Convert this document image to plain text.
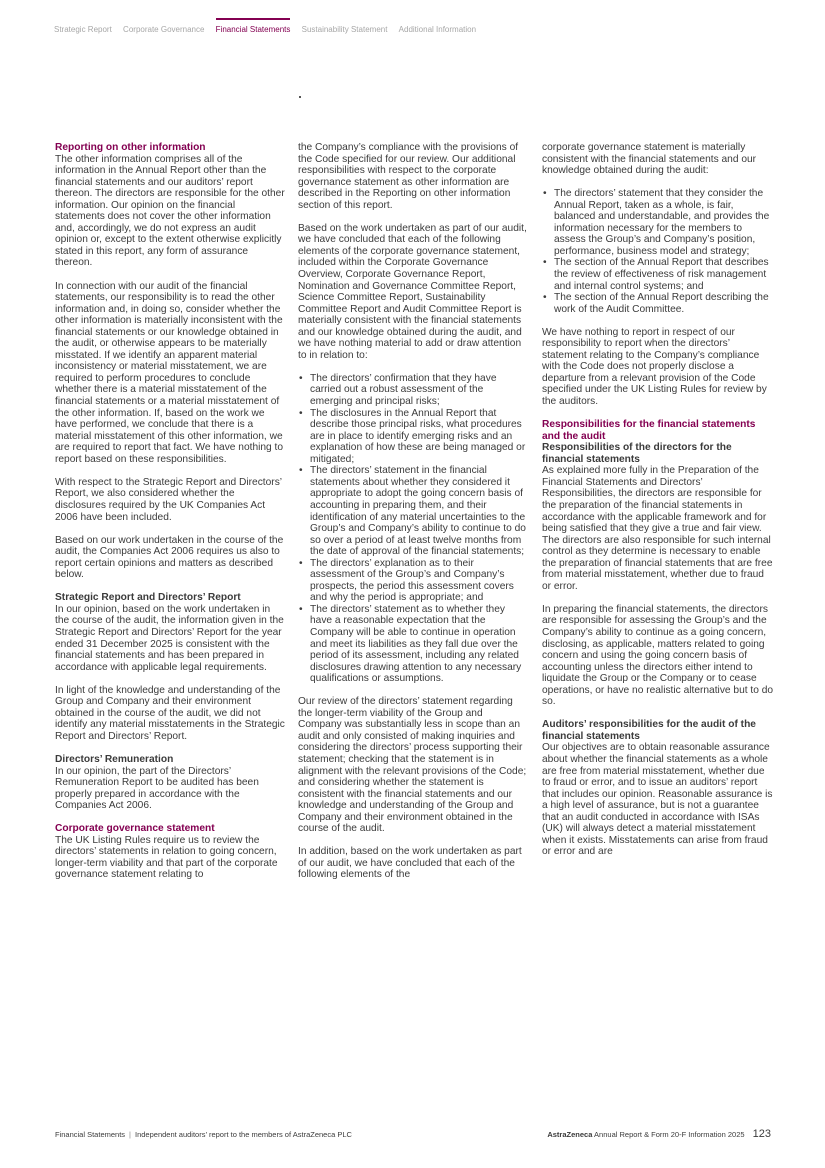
Strategic Report Corporate Governance Financial Statements Sustainability Statement Additional Information

Reporting on other information

The other information comprises all of the information in the Annual Report other than the financial statements and our auditors’ report thereon. The directors are responsible for the other information. Our opinion on the financial statements does not cover the other information and, accordingly, we do not express an audit opinion or, except to the extent otherwise explicitly stated in this report, any form of assurance thereon.

In connection with our audit of the financial statements, our responsibility is to read the other information and, in doing so, consider whether the other information is materially inconsistent with the financial statements or our knowledge obtained in the audit, or otherwise appears to be materially misstated. If we identify an apparent material inconsistency or material misstatement, we are required to perform procedures to conclude whether there is a material misstatement of the financial statements or a material misstatement of the other information. If, based on the work we have performed, we conclude that there is a material misstatement of this other information, we are required to report that fact. We have nothing to report based on these responsibilities.

With respect to the Strategic Report and Directors’ Report, we also considered whether the disclosures required by the UK Companies Act 2006 have been included.

Based on our work undertaken in the course of the audit, the Companies Act 2006 requires us also to report certain opinions and matters as described below.

Strategic Report and Directors’ Report

In our opinion, based on the work undertaken in the course of the audit, the information given in the Strategic Report and Directors’ Report for the year ended 31 December 2025 is consistent with the financial statements and has been prepared in accordance with applicable legal requirements.

In light of the knowledge and understanding of the Group and Company and their environment obtained in the course of the audit, we did not identify any material misstatements in the Strategic Report and Directors’ Report.

Directors’ Remuneration

In our opinion, the part of the Directors’ Remuneration Report to be audited has been properly prepared in accordance with the Companies Act 2006.

Corporate governance statement

The UK Listing Rules require us to review the directors’ statements in relation to going concern, longer-term viability and that part of the corporate governance statement relating to

the Company’s compliance with the provisions of the Code specified for our review. Our additional responsibilities with respect to the corporate governance statement as other information are described in the Reporting on other information section of this report.

Based on the work undertaken as part of our audit, we have concluded that each of the following elements of the corporate governance statement, included within the Corporate Governance Overview, Corporate Governance Report, Nomination and Governance Committee Report, Science Committee Report, Sustainability Committee Report and Audit Committee Report is materially consistent with the financial statements and our knowledge obtained during the audit, and we have nothing material to add or draw attention to in relation to:

• The directors’ confirmation that they have carried out a robust assessment of the emerging and principal risks;
• The disclosures in the Annual Report that describe those principal risks, what procedures are in place to identify emerging risks and an explanation of how these are being managed or mitigated;
• The directors’ statement in the financial statements about whether they considered it appropriate to adopt the going concern basis of accounting in preparing them, and their identification of any material uncertainties to the Group’s and Company’s ability to continue to do so over a period of at least twelve months from the date of approval of the financial statements;
• The directors’ explanation as to their assessment of the Group’s and Company’s prospects, the period this assessment covers and why the period is appropriate; and
• The directors’ statement as to whether they have a reasonable expectation that the Company will be able to continue in operation and meet its liabilities as they fall due over the period of its assessment, including any related disclosures drawing attention to any necessary qualifications or assumptions.

Our review of the directors’ statement regarding the longer-term viability of the Group and Company was substantially less in scope than an audit and only consisted of making inquiries and considering the directors’ process supporting their statement; checking that the statement is in alignment with the relevant provisions of the Code; and considering whether the statement is consistent with the financial statements and our knowledge and understanding of the Group and Company and their environment obtained in the course of the audit.

In addition, based on the work undertaken as part of our audit, we have concluded that each of the following elements of the

corporate governance statement is materially consistent with the financial statements and our knowledge obtained during the audit:

• The directors’ statement that they consider the Annual Report, taken as a whole, is fair, balanced and understandable, and provides the information necessary for the members to assess the Group’s and Company’s position, performance, business model and strategy;
• The section of the Annual Report that describes the review of effectiveness of risk management and internal control systems; and
• The section of the Annual Report describing the work of the Audit Committee.

We have nothing to report in respect of our responsibility to report when the directors’ statement relating to the Company’s compliance with the Code does not properly disclose a departure from a relevant provision of the Code specified under the UK Listing Rules for review by the auditors.

Responsibilities for the financial statements and the audit

Responsibilities of the directors for the financial statements

As explained more fully in the Preparation of the Financial Statements and Directors’ Responsibilities, the directors are responsible for the preparation of the financial statements in accordance with the applicable framework and for being satisfied that they give a true and fair view. The directors are also responsible for such internal control as they determine is necessary to enable the preparation of financial statements that are free from material misstatement, whether due to fraud or error.

In preparing the financial statements, the directors are responsible for assessing the Group’s and the Company’s ability to continue as a going concern, disclosing, as applicable, matters related to going concern and using the going concern basis of accounting unless the directors either intend to liquidate the Group or the Company or to cease operations, or have no realistic alternative but to do so.

Auditors’ responsibilities for the audit of the financial statements

Our objectives are to obtain reasonable assurance about whether the financial statements as a whole are free from material misstatement, whether due to fraud or error, and to issue an auditors’ report that includes our opinion. Reasonable assurance is a high level of assurance, but is not a guarantee that an audit conducted in accordance with ISAs (UK) will always detect a material misstatement when it exists. Misstatements can arise from fraud or error and are

Financial Statements | Independent auditors’ report to the members of AstraZeneca PLC	AstraZeneca Annual Report & Form 20-F Information 2025 123
